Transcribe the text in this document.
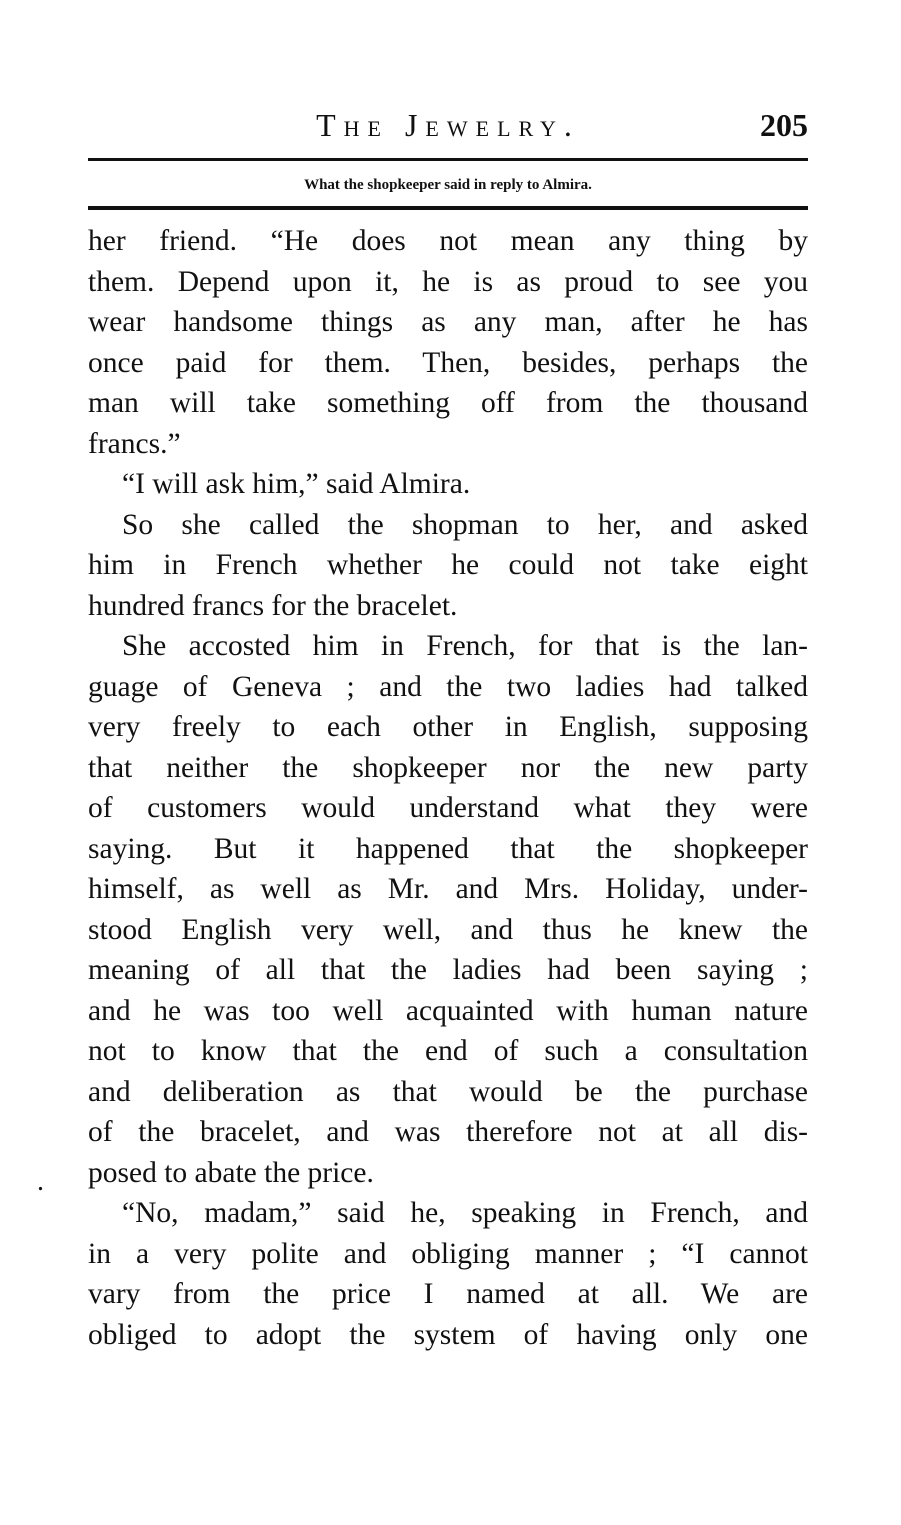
The Jewelry.	205
What the shopkeeper said in reply to Almira.
.
her friend. “He does not mean any thing by
them. Depend upon it, he is as proud to see you
wear handsome things as any man, after he has
once paid for them. Then, besides, perhaps the
man will take something off from the thousand
francs.”
“I will ask him,” said Almira.
So she called the shopman to her, and asked
him in French whether he could not take eight
hundred francs for the bracelet.
She accosted him in French, for that is the lan-
guage of Geneva ; and the two ladies had talked
very freely to each other in English, supposing
that neither the shopkeeper nor the new party
of customers would understand what they were
saying. But it happened that the shopkeeper
himself, as well as Mr. and Mrs. Holiday, under-
stood English very well, and thus he knew the
meaning of all that the ladies had been saying ;
and he was too well acquainted with human nature
not to know that the end of such a consultation
and deliberation as that would be the purchase
of the bracelet, and was therefore not at all dis-
posed to abate the price.
“No, madam,” said he, speaking in French, and
in a very polite and obliging manner ; “I cannot
vary from the price I named at all. We are
obliged to adopt the system of having only one
